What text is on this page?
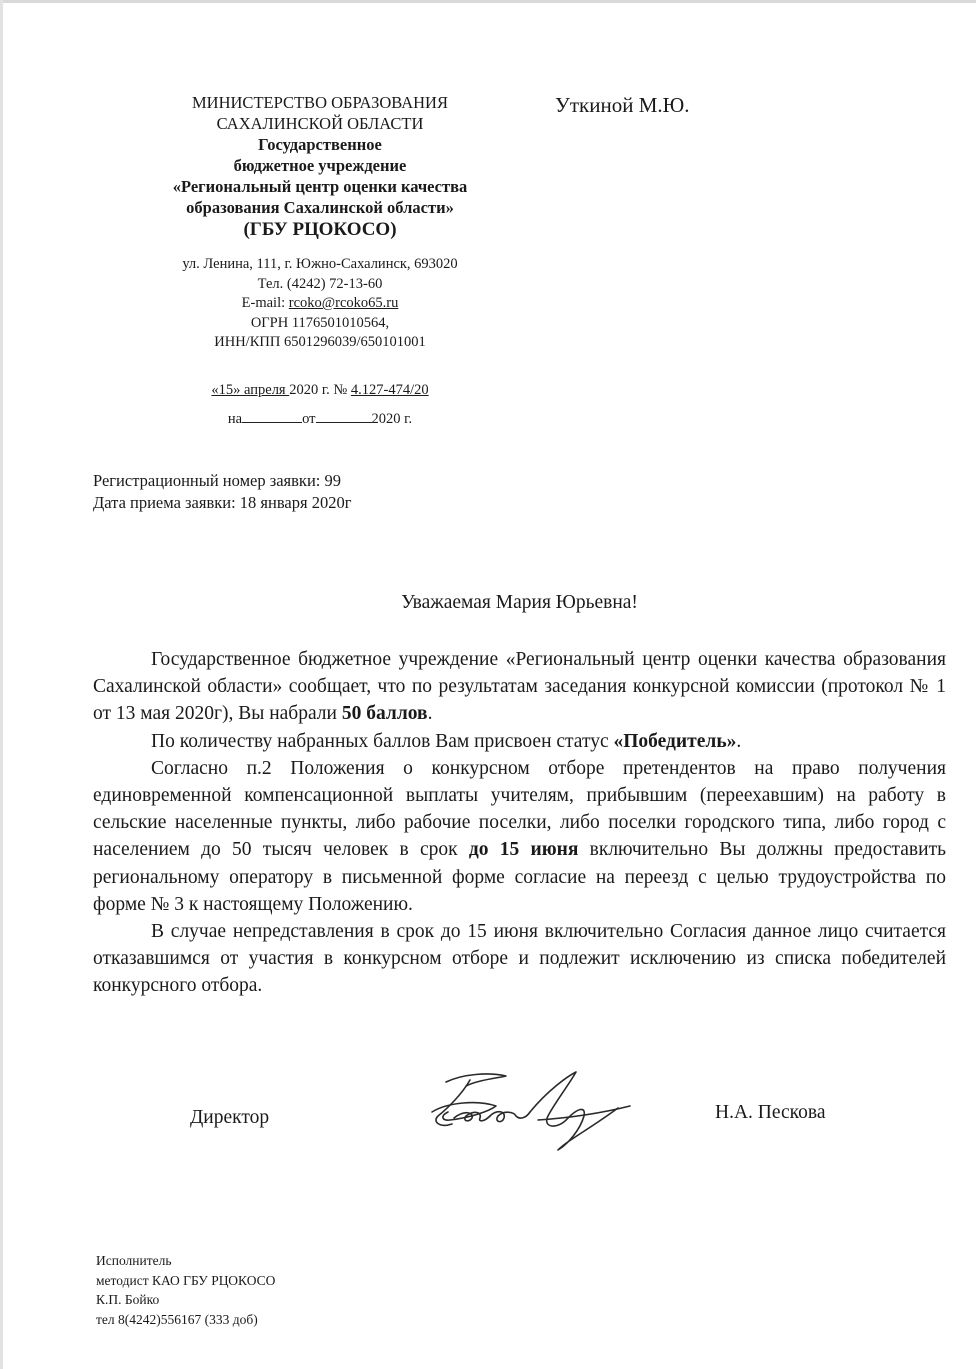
МИНИСТЕРСТВО ОБРАЗОВАНИЯ
САХАЛИНСКОЙ ОБЛАСТИ
Государственное
бюджетное учреждение
«Региональный центр оценки качества
образования Сахалинской области»
(ГБУ РЦОКОСО)
ул. Ленина, 111, г. Южно-Сахалинск, 693020
Тел. (4242) 72-13-60
E-mail: rcoko@rcoko65.ru
ОГРН 1176501010564,
ИНН/КПП 6501296039/650101001
«15» апреля 2020 г. № 4.127-474/20
на	от	2020 г.
Уткиной М.Ю.
Регистрационный номер заявки: 99
Дата приема заявки: 18 января 2020г
Уважаемая Мария Юрьевна!

Государственное бюджетное учреждение «Региональный центр оценки качества образования Сахалинской области» сообщает, что по результатам заседания конкурсной комиссии (протокол № 1 от 13 мая 2020г), Вы набрали 50 баллов.

По количеству набранных баллов Вам присвоен статус «Победитель».

Согласно п.2 Положения о конкурсном отборе претендентов на право получения единовременной компенсационной выплаты учителям, прибывшим (переехавшим) на работу в сельские населенные пункты, либо рабочие поселки, либо поселки городского типа, либо город с населением до 50 тысяч человек в срок до 15 июня включительно Вы должны предоставить региональному оператору в письменной форме согласие на переезд с целью трудоустройства по форме № 3 к настоящему Положению.

В случае непредставления в срок до 15 июня включительно Согласия данное лицо считается отказавшимся от участия в конкурсном отборе и подлежит исключению из списка победителей конкурсного отбора.

Директор	Н.А. Пескова
Исполнитель
методист КАО ГБУ РЦОКОСО
К.П. Бойко
тел 8(4242)556167 (333 доб)
